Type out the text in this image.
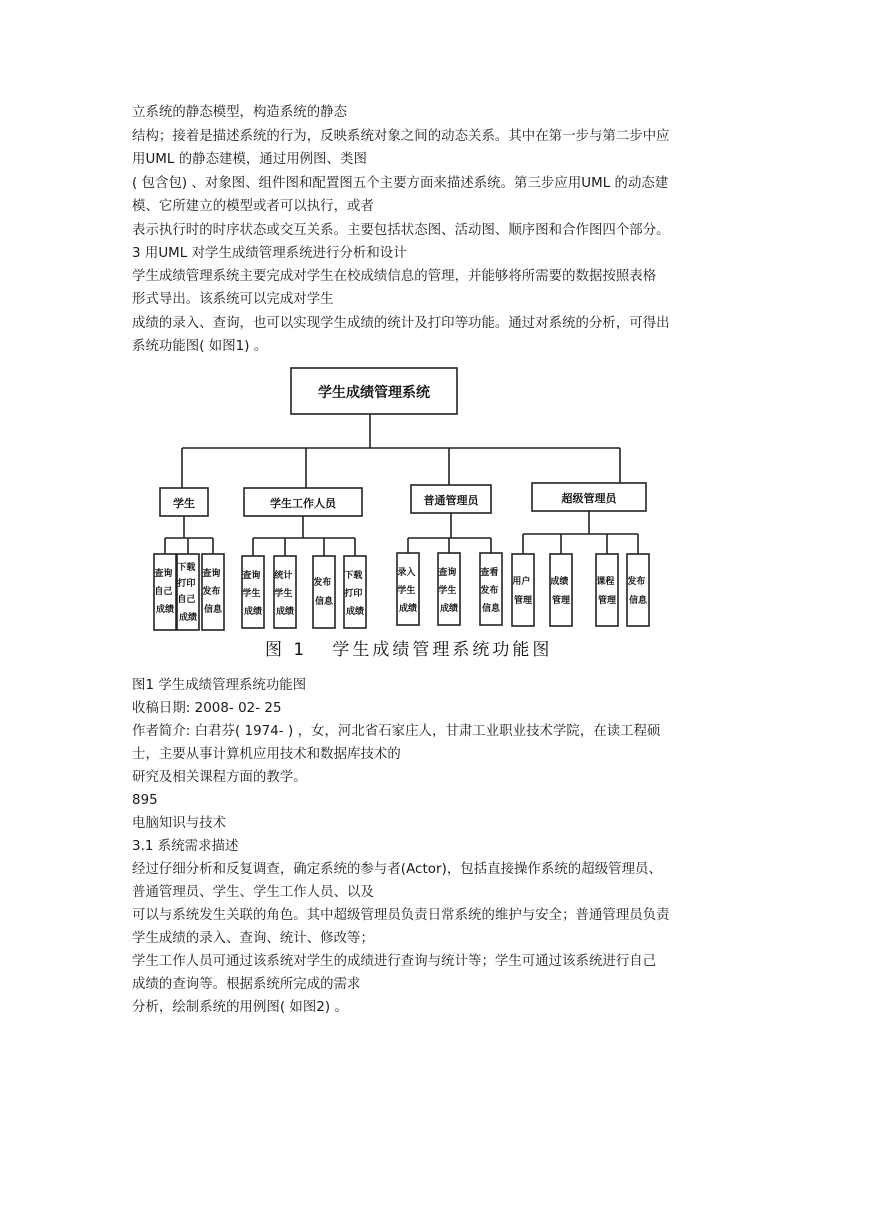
立系统的静态模型，构造系统的静态
结构；接着是描述系统的行为，反映系统对象之间的动态关系。其中在第一步与第二步中应
用UML 的静态建模，通过用例图、类图
( 包含包) 、对象图、组件图和配置图五个主要方面来描述系统。第三步应用UML 的动态建
模、它所建立的模型或者可以执行，或者
表示执行时的时序状态或交互关系。主要包括状态图、活动图、顺序图和合作图四个部分。
3 用UML 对学生成绩管理系统进行分析和设计
学生成绩管理系统主要完成对学生在校成绩信息的管理，并能够将所需要的数据按照表格
形式导出。该系统可以完成对学生
成绩的录入、查询，也可以实现学生成绩的统计及打印等功能。通过对系统的分析，可得出
系统功能图( 如图1) 。
学生成绩管理系统
学生	学生工作人员	普通管理员	超级管理员
查询 自己 成绩
下载 打印 自己 成绩
查询 发布 信息
查询 学生 成绩
统计 学生 成绩
发布 信息
下载 打印 成绩
录入 学生 成绩
查询 学生 成绩
查看 发布 信息
用户 管理
成绩 管理
课程 管理
发布 信息
图 1   学生成绩管理系统功能图
图1 学生成绩管理系统功能图
收稿日期: 2008- 02- 25
作者简介: 白君芬( 1974- ) ，女，河北省石家庄人，甘肃工业职业技术学院，在读工程硕
士，主要从事计算机应用技术和数据库技术的
研究及相关课程方面的教学。
895
电脑知识与技术
3.1 系统需求描述
经过仔细分析和反复调查，确定系统的参与者(Actor)，包括直接操作系统的超级管理员、
普通管理员、学生、学生工作人员、以及
可以与系统发生关联的角色。其中超级管理员负责日常系统的维护与安全；普通管理员负责
学生成绩的录入、查询、统计、修改等；
学生工作人员可通过该系统对学生的成绩进行查询与统计等；学生可通过该系统进行自己
成绩的查询等。根据系统所完成的需求
分析，绘制系统的用例图( 如图2) 。
